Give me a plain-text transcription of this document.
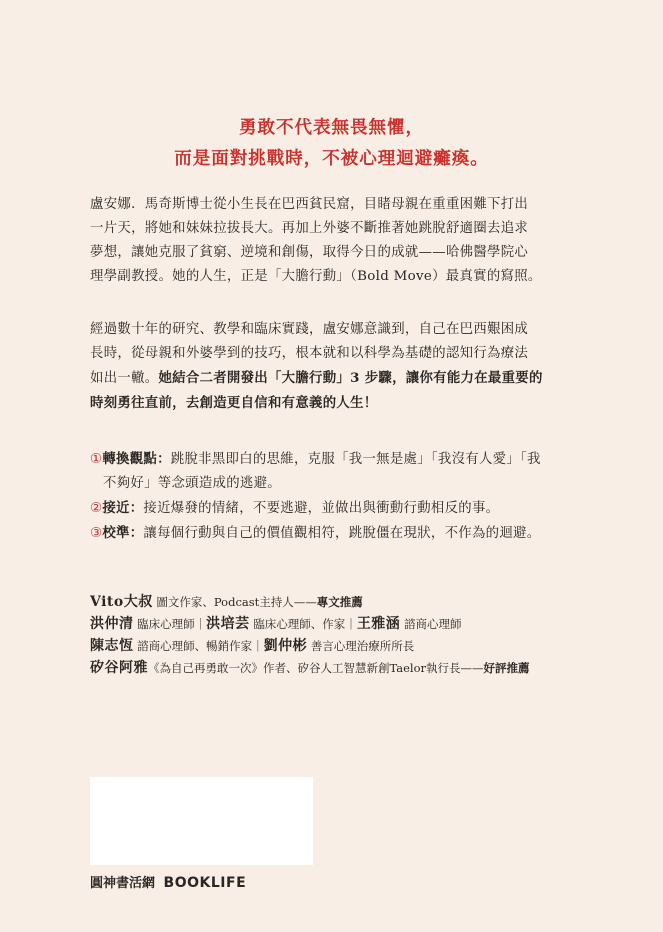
勇敢不代表無畏無懼，
而是面對挑戰時，不被心理迴避癱瘓。
盧安娜．馬奇斯博士從小生長在巴西貧民窟，目睹母親在重重困難下打出
一片天，將她和妹妹拉拔長大。再加上外婆不斷推著她跳脫舒適圈去追求
夢想，讓她克服了貧窮、逆境和創傷，取得今日的成就——哈佛醫學院心
理學副教授。她的人生，正是「大膽行動」（Bold Move）最真實的寫照。
經過數十年的研究、教學和臨床實踐，盧安娜意識到，自己在巴西艱困成
長時，從母親和外婆學到的技巧，根本就和以科學為基礎的認知行為療法
如出一轍。她結合二者開發出「大膽行動」3 步驟，讓你有能力在最重要的
時刻勇往直前，去創造更自信和有意義的人生！
①轉換觀點：跳脫非黑即白的思維，克服「我一無是處」「我沒有人愛」「我
不夠好」等念頭造成的逃避。
②接近：接近爆發的情緒，不要逃避，並做出與衝動行動相反的事。
③校準：讓每個行動與自己的價值觀相符，跳脫僵在現狀，不作為的迴避。
Vito大叔 圖文作家、Podcast主持人——專文推薦
洪仲清 臨床心理師｜洪培芸 臨床心理師、作家｜王雅涵 諮商心理師
陳志恆 諮商心理師、暢銷作家｜劉仲彬 善言心理治療所所長
矽谷阿雅《為自己再勇敢一次》作者、矽谷人工智慧新創Taelor執行長——好評推薦
圓神書活網 BOOKLIFE
